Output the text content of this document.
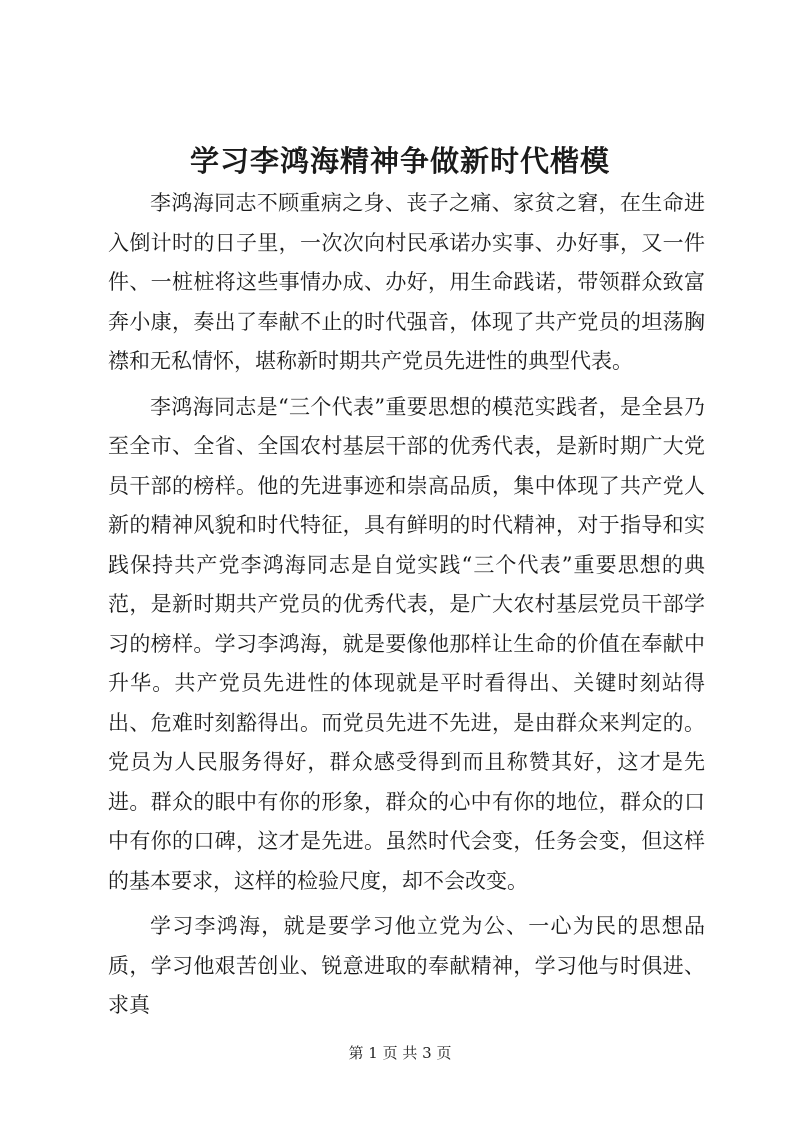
学习李鸿海精神争做新时代楷模

李鸿海同志不顾重病之身、丧子之痛、家贫之窘，在生命进入倒计时的日子里，一次次向村民承诺办实事、办好事，又一件件、一桩桩将这些事情办成、办好，用生命践诺，带领群众致富奔小康，奏出了奉献不止的时代强音，体现了共产党员的坦荡胸襟和无私情怀，堪称新时期共产党员先进性的典型代表。

李鸿海同志是“三个代表”重要思想的模范实践者，是全县乃至全市、全省、全国农村基层干部的优秀代表，是新时期广大党员干部的榜样。他的先进事迹和崇高品质，集中体现了共产党人新的精神风貌和时代特征，具有鲜明的时代精神，对于指导和实践保持共产党李鸿海同志是自觉实践“三个代表”重要思想的典范，是新时期共产党员的优秀代表，是广大农村基层党员干部学习的榜样。学习李鸿海，就是要像他那样让生命的价值在奉献中升华。共产党员先进性的体现就是平时看得出、关键时刻站得出、危难时刻豁得出。而党员先进不先进，是由群众来判定的。党员为人民服务得好，群众感受得到而且称赞其好，这才是先进。群众的眼中有你的形象，群众的心中有你的地位，群众的口中有你的口碑，这才是先进。虽然时代会变，任务会变，但这样的基本要求，这样的检验尺度，却不会改变。

学习李鸿海，就是要学习他立党为公、一心为民的思想品质，学习他艰苦创业、锐意进取的奉献精神，学习他与时俱进、求真

第 1 页 共 3 页
